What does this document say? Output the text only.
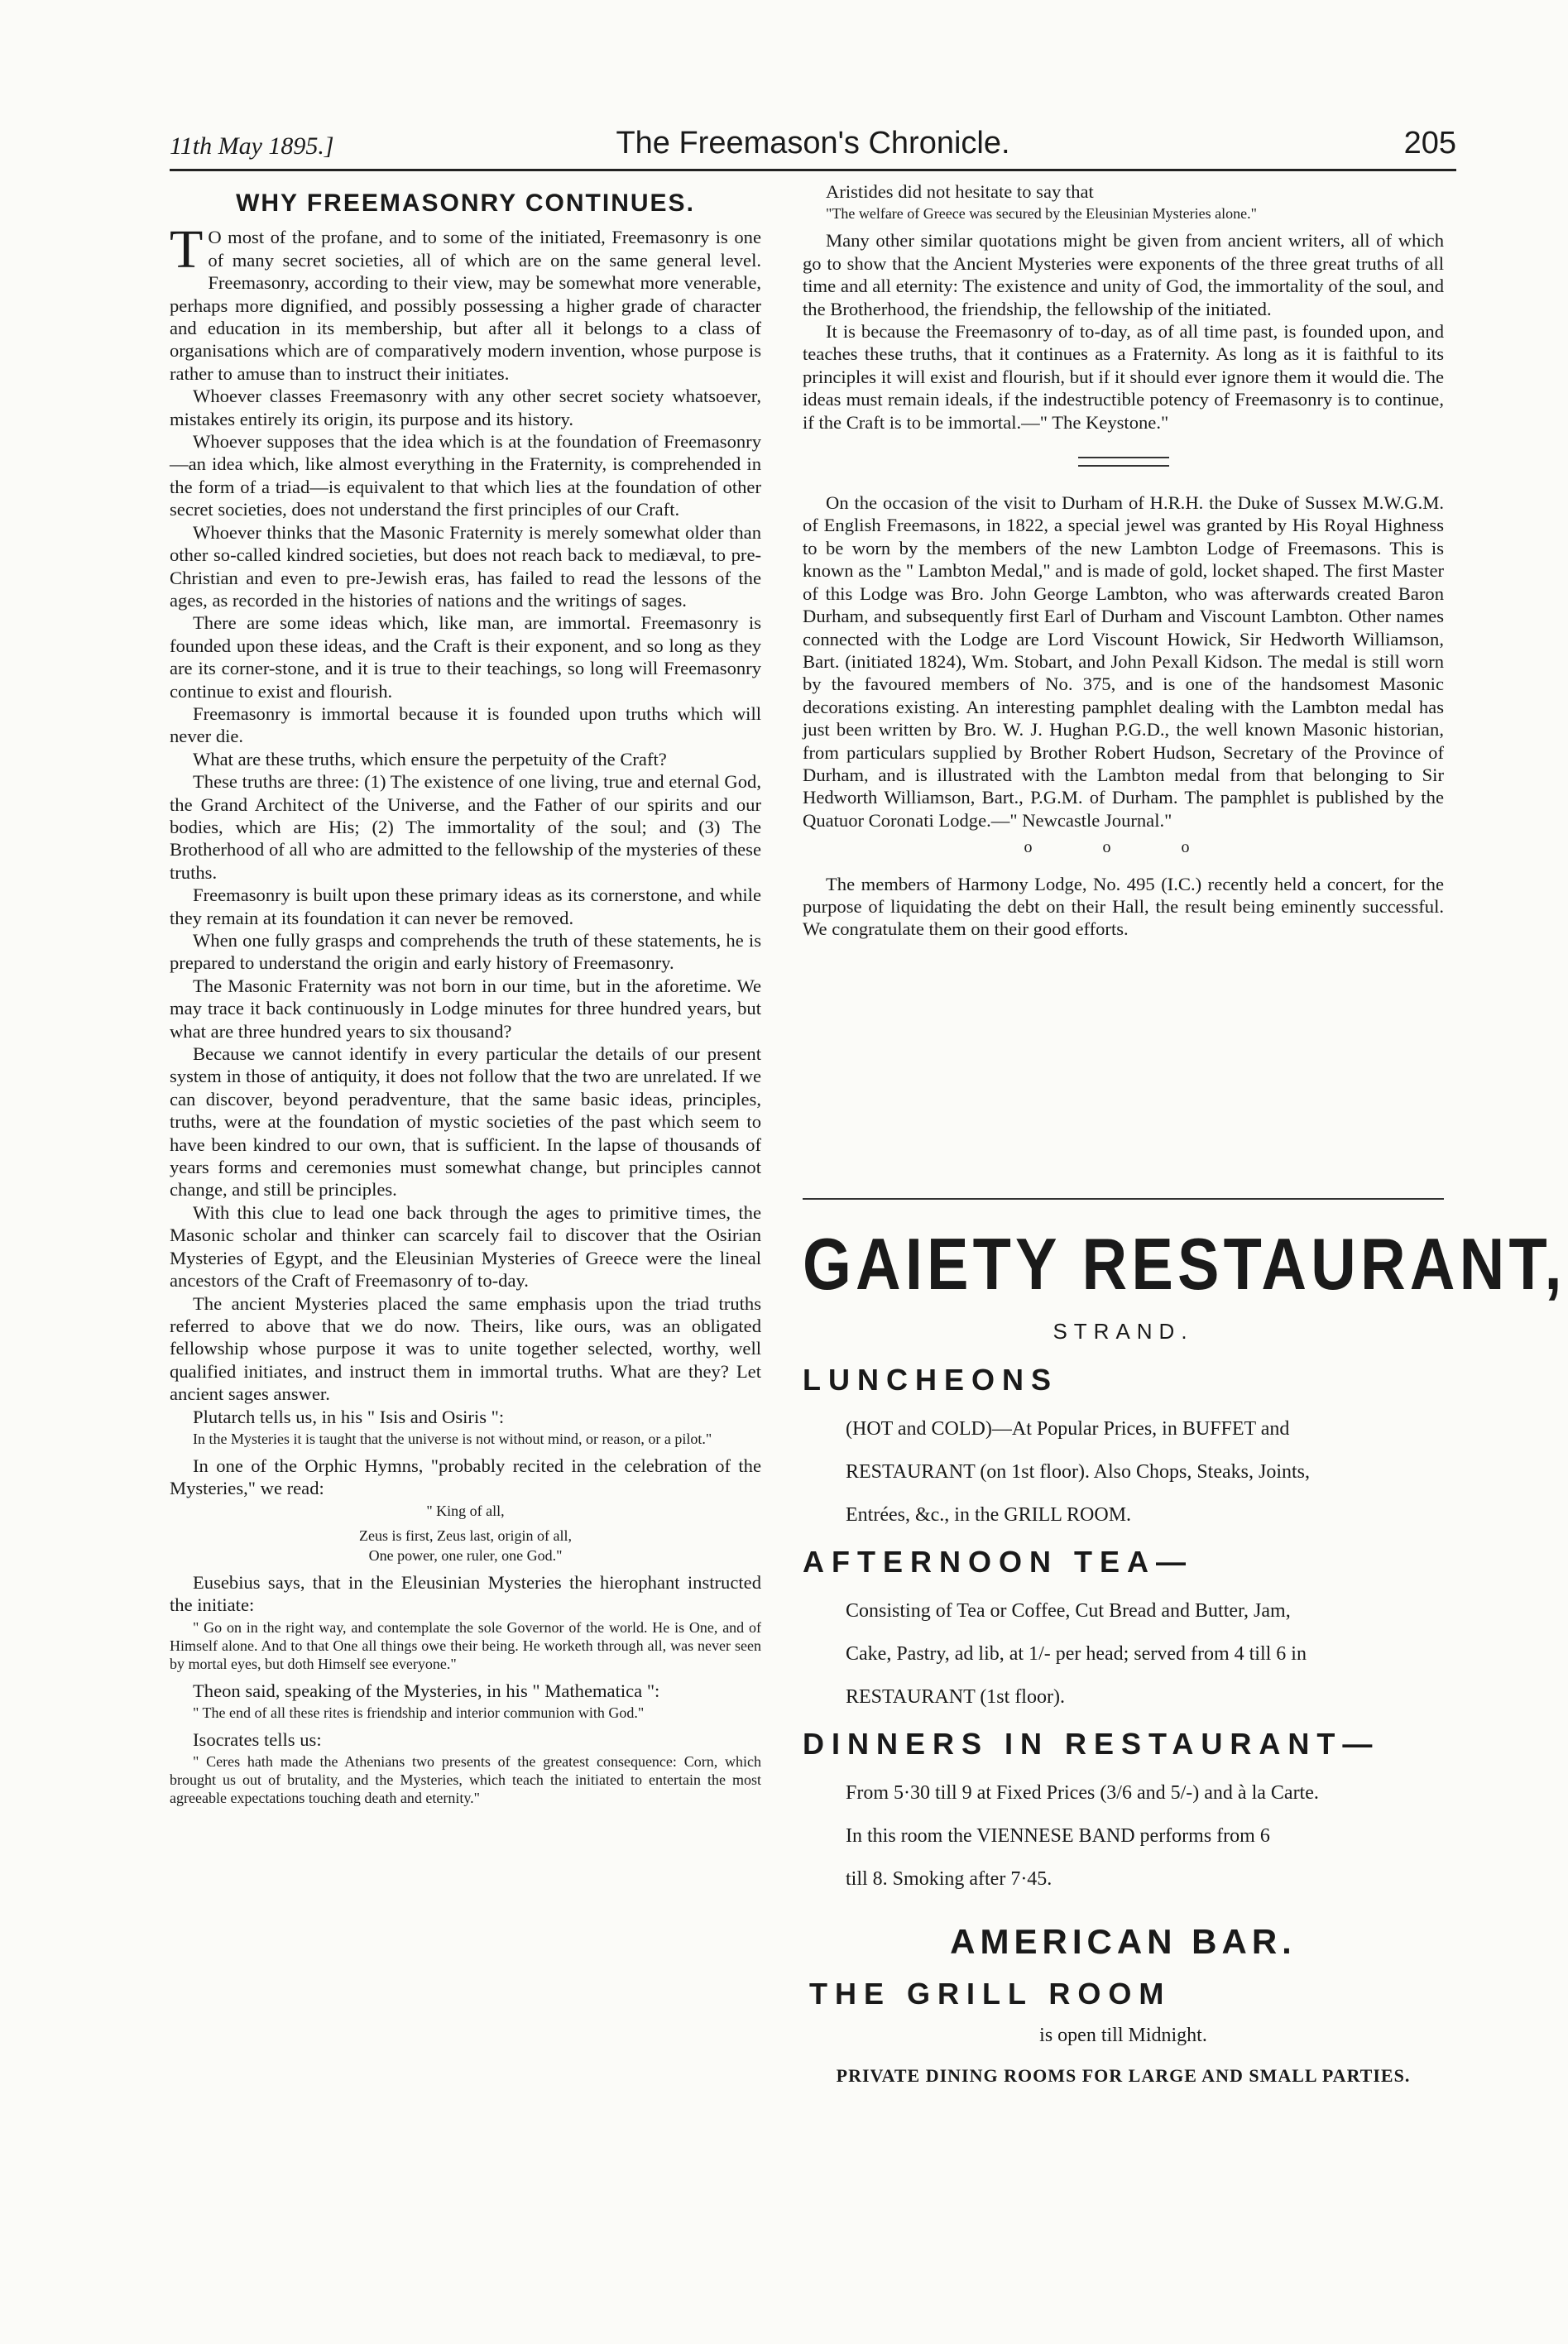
11th May 1895.]	The Freemason's Chronicle.	205
WHY FREEMASONRY CONTINUES.

T O most of the profane, and to some of the initiated, Freemasonry is one of many secret societies, all of which are on the same general level. Freemasonry, according to their view, may be somewhat more venerable, perhaps more dignified, and possibly possessing a higher grade of character and education in its membership, but after all it belongs to a class of organisations which are of comparatively modern invention, whose purpose is rather to amuse than to instruct their initiates.

Whoever classes Freemasonry with any other secret society whatsoever, mistakes entirely its origin, its purpose and its history.

Whoever supposes that the idea which is at the foundation of Freemasonry—an idea which, like almost everything in the Fraternity, is comprehended in the form of a triad—is equivalent to that which lies at the foundation of other secret societies, does not understand the first principles of our Craft.

Whoever thinks that the Masonic Fraternity is merely somewhat older than other so-called kindred societies, but does not reach back to mediæval, to pre-Christian and even to pre-Jewish eras, has failed to read the lessons of the ages, as recorded in the histories of nations and the writings of sages.

There are some ideas which, like man, are immortal. Freemasonry is founded upon these ideas, and the Craft is their exponent, and so long as they are its corner-stone, and it is true to their teachings, so long will Freemasonry continue to exist and flourish.

Freemasonry is immortal because it is founded upon truths which will never die.

What are these truths, which ensure the perpetuity of the Craft?

These truths are three: (1) The existence of one living, true and eternal God, the Grand Architect of the Universe, and the Father of our spirits and our bodies, which are His; (2) The immortality of the soul; and (3) The Brotherhood of all who are admitted to the fellowship of the mysteries of these truths.

Freemasonry is built upon these primary ideas as its cornerstone, and while they remain at its foundation it can never be removed.

When one fully grasps and comprehends the truth of these statements, he is prepared to understand the origin and early history of Freemasonry.

The Masonic Fraternity was not born in our time, but in the aforetime. We may trace it back continuously in Lodge minutes for three hundred years, but what are three hundred years to six thousand?

Because we cannot identify in every particular the details of our present system in those of antiquity, it does not follow that the two are unrelated. If we can discover, beyond peradventure, that the same basic ideas, principles, truths, were at the foundation of mystic societies of the past which seem to have been kindred to our own, that is sufficient. In the lapse of thousands of years forms and ceremonies must somewhat change, but principles cannot change, and still be principles.

With this clue to lead one back through the ages to primitive times, the Masonic scholar and thinker can scarcely fail to discover that the Osirian Mysteries of Egypt, and the Eleusinian Mysteries of Greece were the lineal ancestors of the Craft of Freemasonry of to-day.

The ancient Mysteries placed the same emphasis upon the triad truths referred to above that we do now. Theirs, like ours, was an obligated fellowship whose purpose it was to unite together selected, worthy, well qualified initiates, and instruct them in immortal truths. What are they? Let ancient sages answer.

Plutarch tells us, in his " Isis and Osiris ":

In the Mysteries it is taught that the universe is not without mind, or reason, or a pilot."

In one of the Orphic Hymns, "probably recited in the celebration of the Mysteries," we read:

" King of all,

Zeus is first, Zeus last, origin of all,

One power, one ruler, one God."

Eusebius says, that in the Eleusinian Mysteries the hierophant instructed the initiate:

" Go on in the right way, and contemplate the sole Governor of the world. He is One, and of Himself alone. And to that One all things owe their being. He worketh through all, was never seen by mortal eyes, but doth Himself see everyone."

Theon said, speaking of the Mysteries, in his " Mathematica ":

" The end of all these rites is friendship and interior communion with God."

Isocrates tells us:

" Ceres hath made the Athenians two presents of the greatest consequence: Corn, which brought us out of brutality, and the Mysteries, which teach the initiated to entertain the most agreeable expectations touching death and eternity."

Aristides did not hesitate to say that

"The welfare of Greece was secured by the Eleusinian Mysteries alone."

Many other similar quotations might be given from ancient writers, all of which go to show that the Ancient Mysteries were exponents of the three great truths of all time and all eternity: The existence and unity of God, the immortality of the soul, and the Brotherhood, the friendship, the fellowship of the initiated.

It is because the Freemasonry of to-day, as of all time past, is founded upon, and teaches these truths, that it continues as a Fraternity. As long as it is faithful to its principles it will exist and flourish, but if it should ever ignore them it would die. The ideas must remain ideals, if the indestructible potency of Freemasonry is to continue, if the Craft is to be immortal.—" The Keystone."

On the occasion of the visit to Durham of H.R.H. the Duke of Sussex M.W.G.M. of English Freemasons, in 1822, a special jewel was granted by His Royal Highness to be worn by the members of the new Lambton Lodge of Freemasons. This is known as the " Lambton Medal," and is made of gold, locket shaped. The first Master of this Lodge was Bro. John George Lambton, who was afterwards created Baron Durham, and subsequently first Earl of Durham and Viscount Lambton. Other names connected with the Lodge are Lord Viscount Howick, Sir Hedworth Williamson, Bart. (initiated 1824), Wm. Stobart, and John Pexall Kidson. The medal is still worn by the favoured members of No. 375, and is one of the handsomest Masonic decorations existing. An interesting pamphlet dealing with the Lambton medal has just been written by Bro. W. J. Hughan P.G.D., the well known Masonic historian, from particulars supplied by Brother Robert Hudson, Secretary of the Province of Durham, and is illustrated with the Lambton medal from that belonging to Sir Hedworth Williamson, Bart., P.G.M. of Durham. The pamphlet is published by the Quatuor Coronati Lodge.—" Newcastle Journal."

o o o

The members of Harmony Lodge, No. 495 (I.C.) recently held a concert, for the purpose of liquidating the debt on their Hall, the result being eminently successful. We congratulate them on their good efforts.

GAIETY RESTAURANT,
STRAND.
LUNCHEONS
(HOT and COLD)—At Popular Prices, in BUFFET and
RESTAURANT (on 1st floor). Also Chops, Steaks, Joints,
Entrées, &c., in the GRILL ROOM.
AFTERNOON TEA—
Consisting of Tea or Coffee, Cut Bread and Butter, Jam,
Cake, Pastry, ad lib, at 1/- per head; served from 4 till 6 in
RESTAURANT (1st floor).
DINNERS IN RESTAURANT—
From 5·30 till 9 at Fixed Prices (3/6 and 5/-) and à la Carte.
In this room the VIENNESE BAND performs from 6
till 8. Smoking after 7·45.
AMERICAN BAR.
THE GRILL ROOM
is open till Midnight.
PRIVATE DINING ROOMS FOR LARGE AND SMALL PARTIES.
